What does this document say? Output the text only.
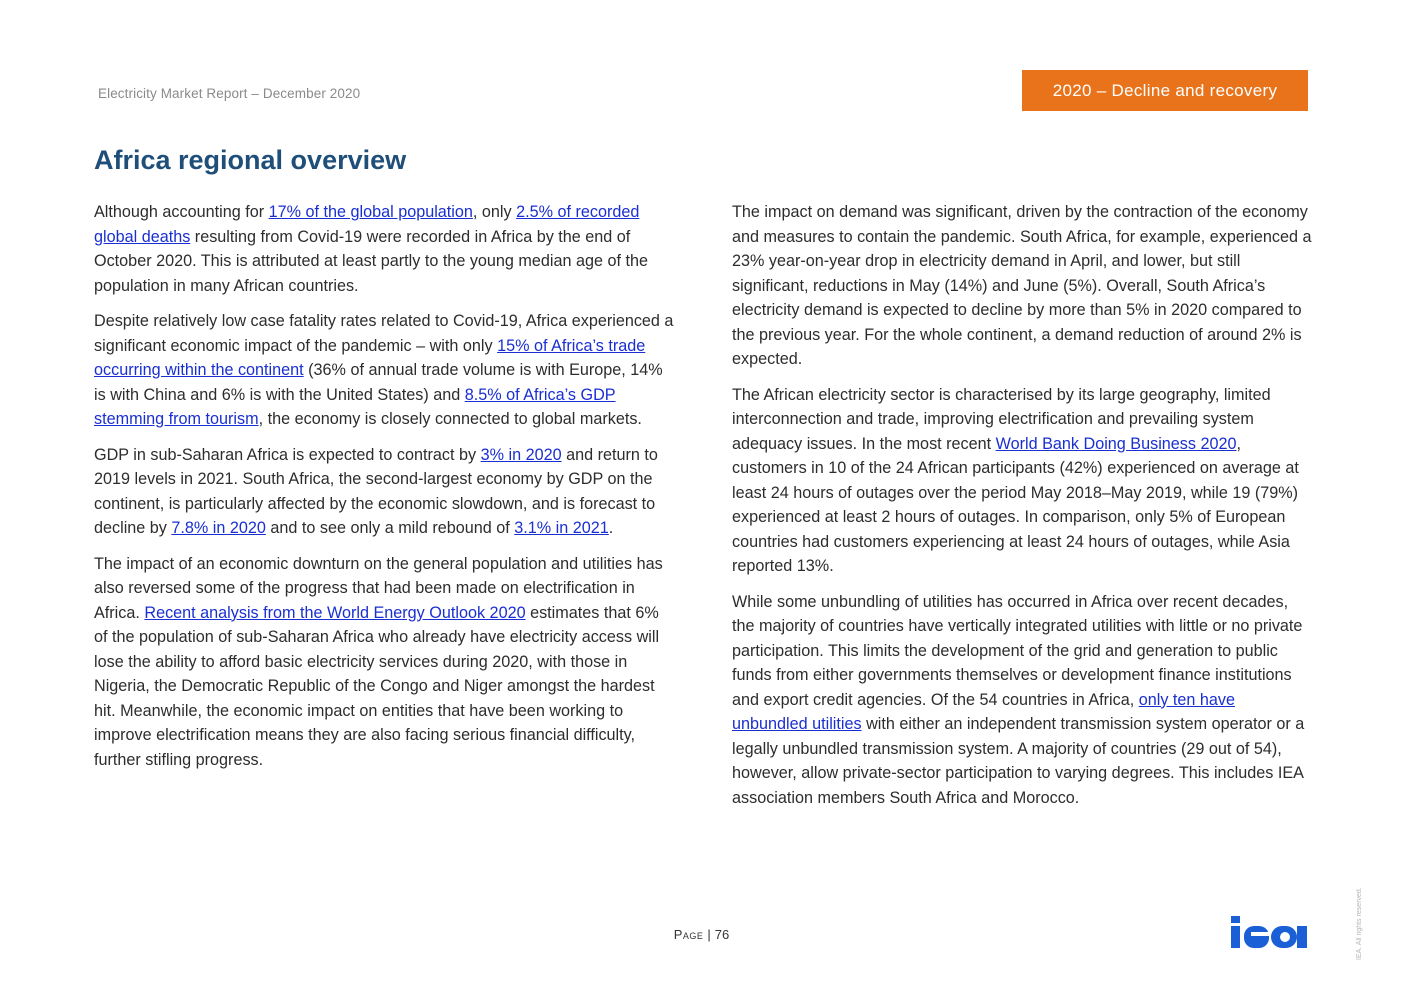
Electricity Market Report – December 2020	2020 – Decline and recovery
Africa regional overview

Although accounting for 17% of the global population, only 2.5% of recorded global deaths resulting from Covid-19 were recorded in Africa by the end of October 2020. This is attributed at least partly to the young median age of the population in many African countries.

Despite relatively low case fatality rates related to Covid-19, Africa experienced a significant economic impact of the pandemic – with only 15% of Africa’s trade occurring within the continent (36% of annual trade volume is with Europe, 14% is with China and 6% is with the United States) and 8.5% of Africa’s GDP stemming from tourism, the economy is closely connected to global markets.

GDP in sub-Saharan Africa is expected to contract by 3% in 2020 and return to 2019 levels in 2021. South Africa, the second-largest economy by GDP on the continent, is particularly affected by the economic slowdown, and is forecast to decline by 7.8% in 2020 and to see only a mild rebound of 3.1% in 2021.

The impact of an economic downturn on the general population and utilities has also reversed some of the progress that had been made on electrification in Africa. Recent analysis from the World Energy Outlook 2020 estimates that 6% of the population of sub-Saharan Africa who already have electricity access will lose the ability to afford basic electricity services during 2020, with those in Nigeria, the Democratic Republic of the Congo and Niger amongst the hardest hit. Meanwhile, the economic impact on entities that have been working to improve electrification means they are also facing serious financial difficulty, further stifling progress.

The impact on demand was significant, driven by the contraction of the economy and measures to contain the pandemic. South Africa, for example, experienced a 23% year-on-year drop in electricity demand in April, and lower, but still significant, reductions in May (14%) and June (5%). Overall, South Africa’s electricity demand is expected to decline by more than 5% in 2020 compared to the previous year. For the whole continent, a demand reduction of around 2% is expected.

The African electricity sector is characterised by its large geography, limited interconnection and trade, improving electrification and prevailing system adequacy issues. In the most recent World Bank Doing Business 2020, customers in 10 of the 24 African participants (42%) experienced on average at least 24 hours of outages over the period May 2018–May 2019, while 19 (79%) experienced at least 2 hours of outages. In comparison, only 5% of European countries had customers experiencing at least 24 hours of outages, while Asia reported 13%.

While some unbundling of utilities has occurred in Africa over recent decades, the majority of countries have vertically integrated utilities with little or no private participation. This limits the development of the grid and generation to public funds from either governments themselves or development finance institutions and export credit agencies. Of the 54 countries in Africa, only ten have unbundled utilities with either an independent transmission system operator or a legally unbundled transmission system. A majority of countries (29 out of 54), however, allow private-sector participation to varying degrees. This includes IEA association members South Africa and Morocco.

Page | 76	IEA. All rights reserved.
